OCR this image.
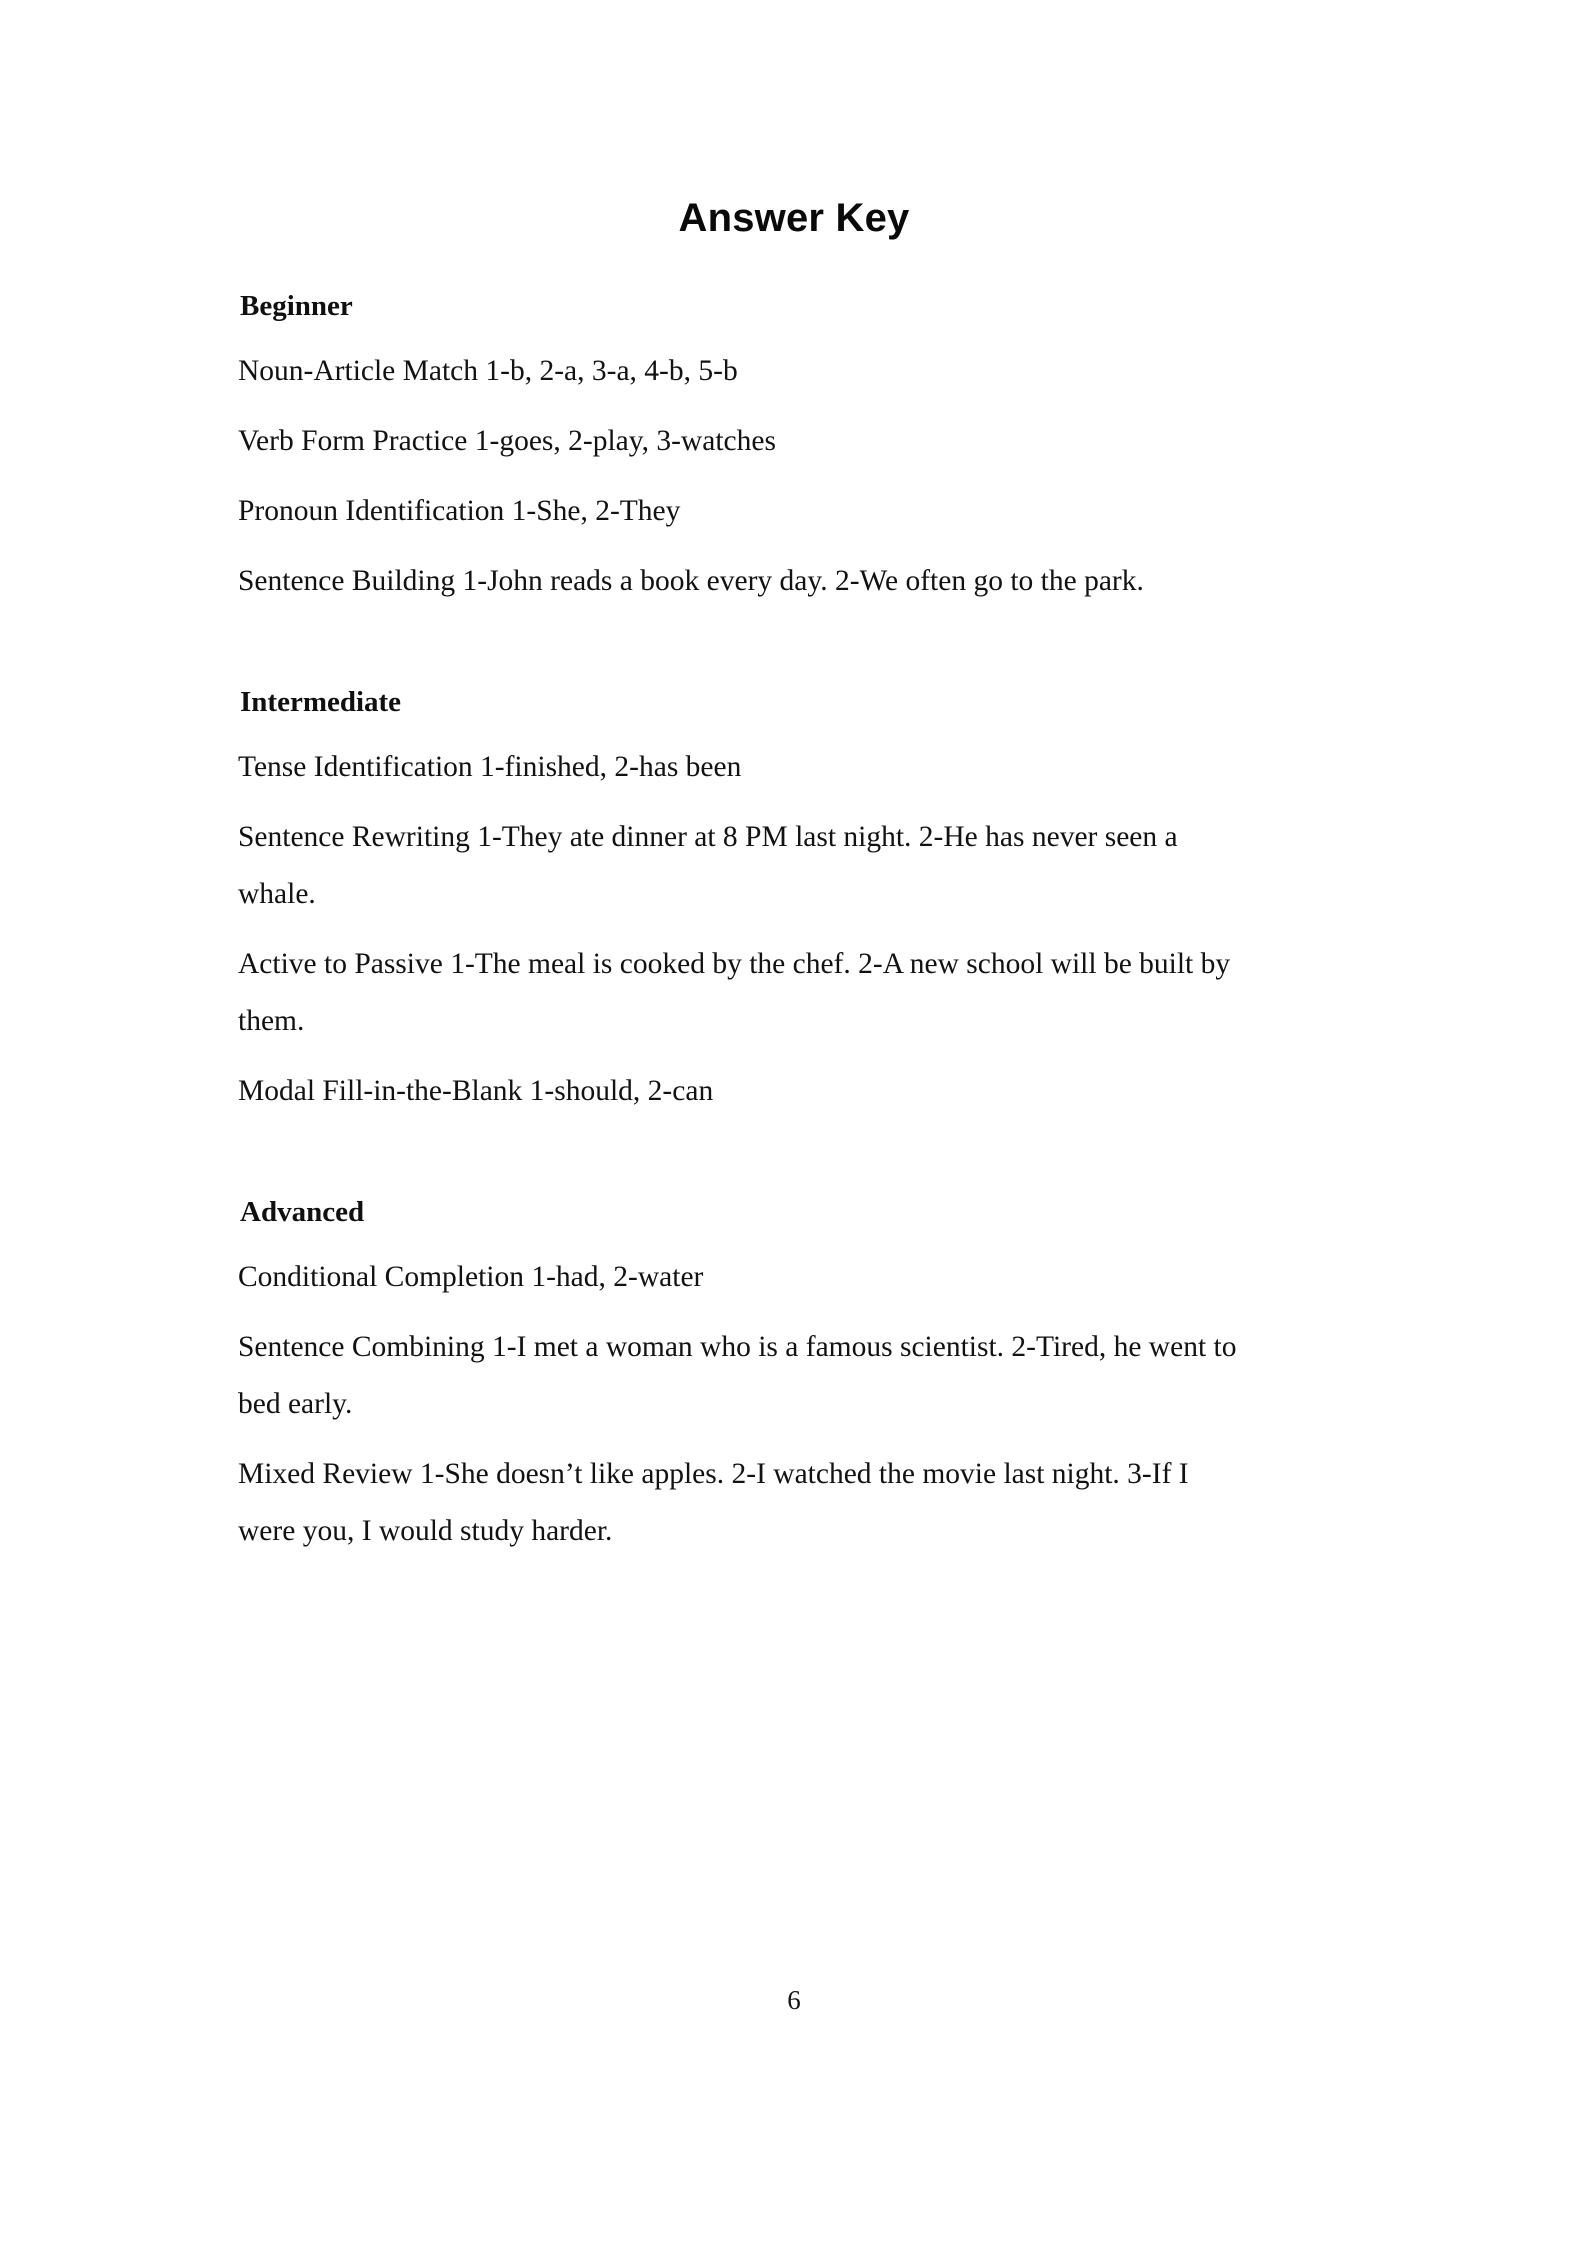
Answer Key
Beginner

Noun-Article Match 1-b, 2-a, 3-a, 4-b, 5-b

Verb Form Practice 1-goes, 2-play, 3-watches

Pronoun Identification 1-She, 2-They

Sentence Building 1-John reads a book every day. 2-We often go to the park.

Intermediate

Tense Identification 1-finished, 2-has been

Sentence Rewriting 1-They ate dinner at 8 PM last night. 2-He has never seen a whale.

Active to Passive 1-The meal is cooked by the chef. 2-A new school will be built by them.

Modal Fill-in-the-Blank 1-should, 2-can

Advanced

Conditional Completion 1-had, 2-water

Sentence Combining 1-I met a woman who is a famous scientist. 2-Tired, he went to bed early.

Mixed Review 1-She doesn’t like apples. 2-I watched the movie last night. 3-If I were you, I would study harder.

6
